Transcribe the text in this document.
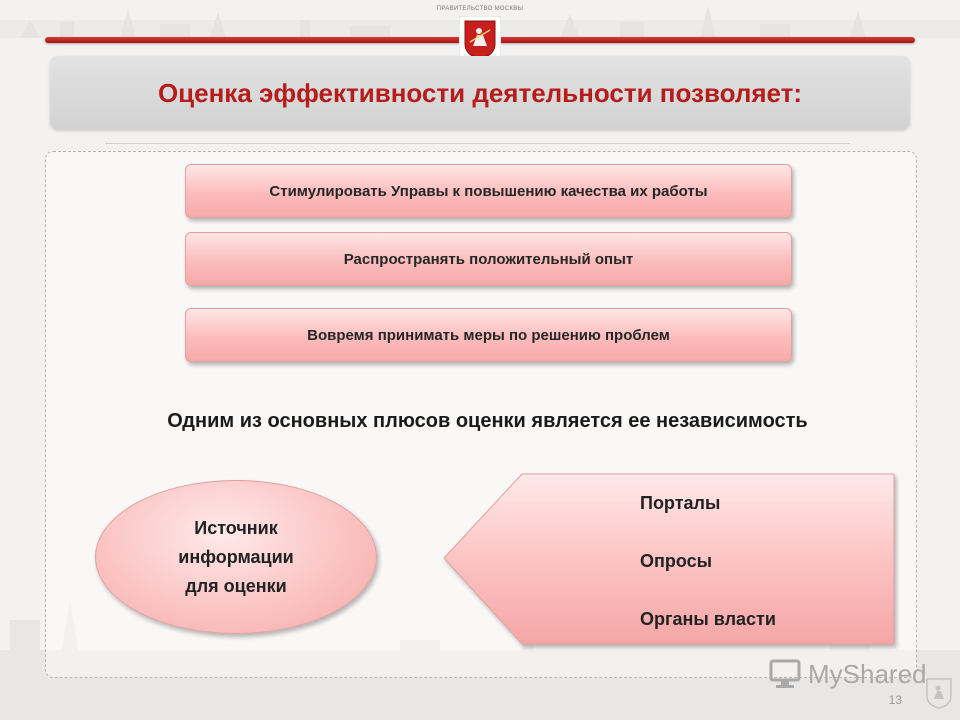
ПРАВИТЕЛЬСТВО МОСКВЫ
Оценка эффективности деятельности позволяет:
Стимулировать Управы к повышению качества их работы
Распространять положительный опыт
Вовремя принимать меры по решению проблем
Одним из основных плюсов оценки является ее независимость
Источник
информации
для оценки
Порталы
Опросы
Органы власти
MyShared
13
